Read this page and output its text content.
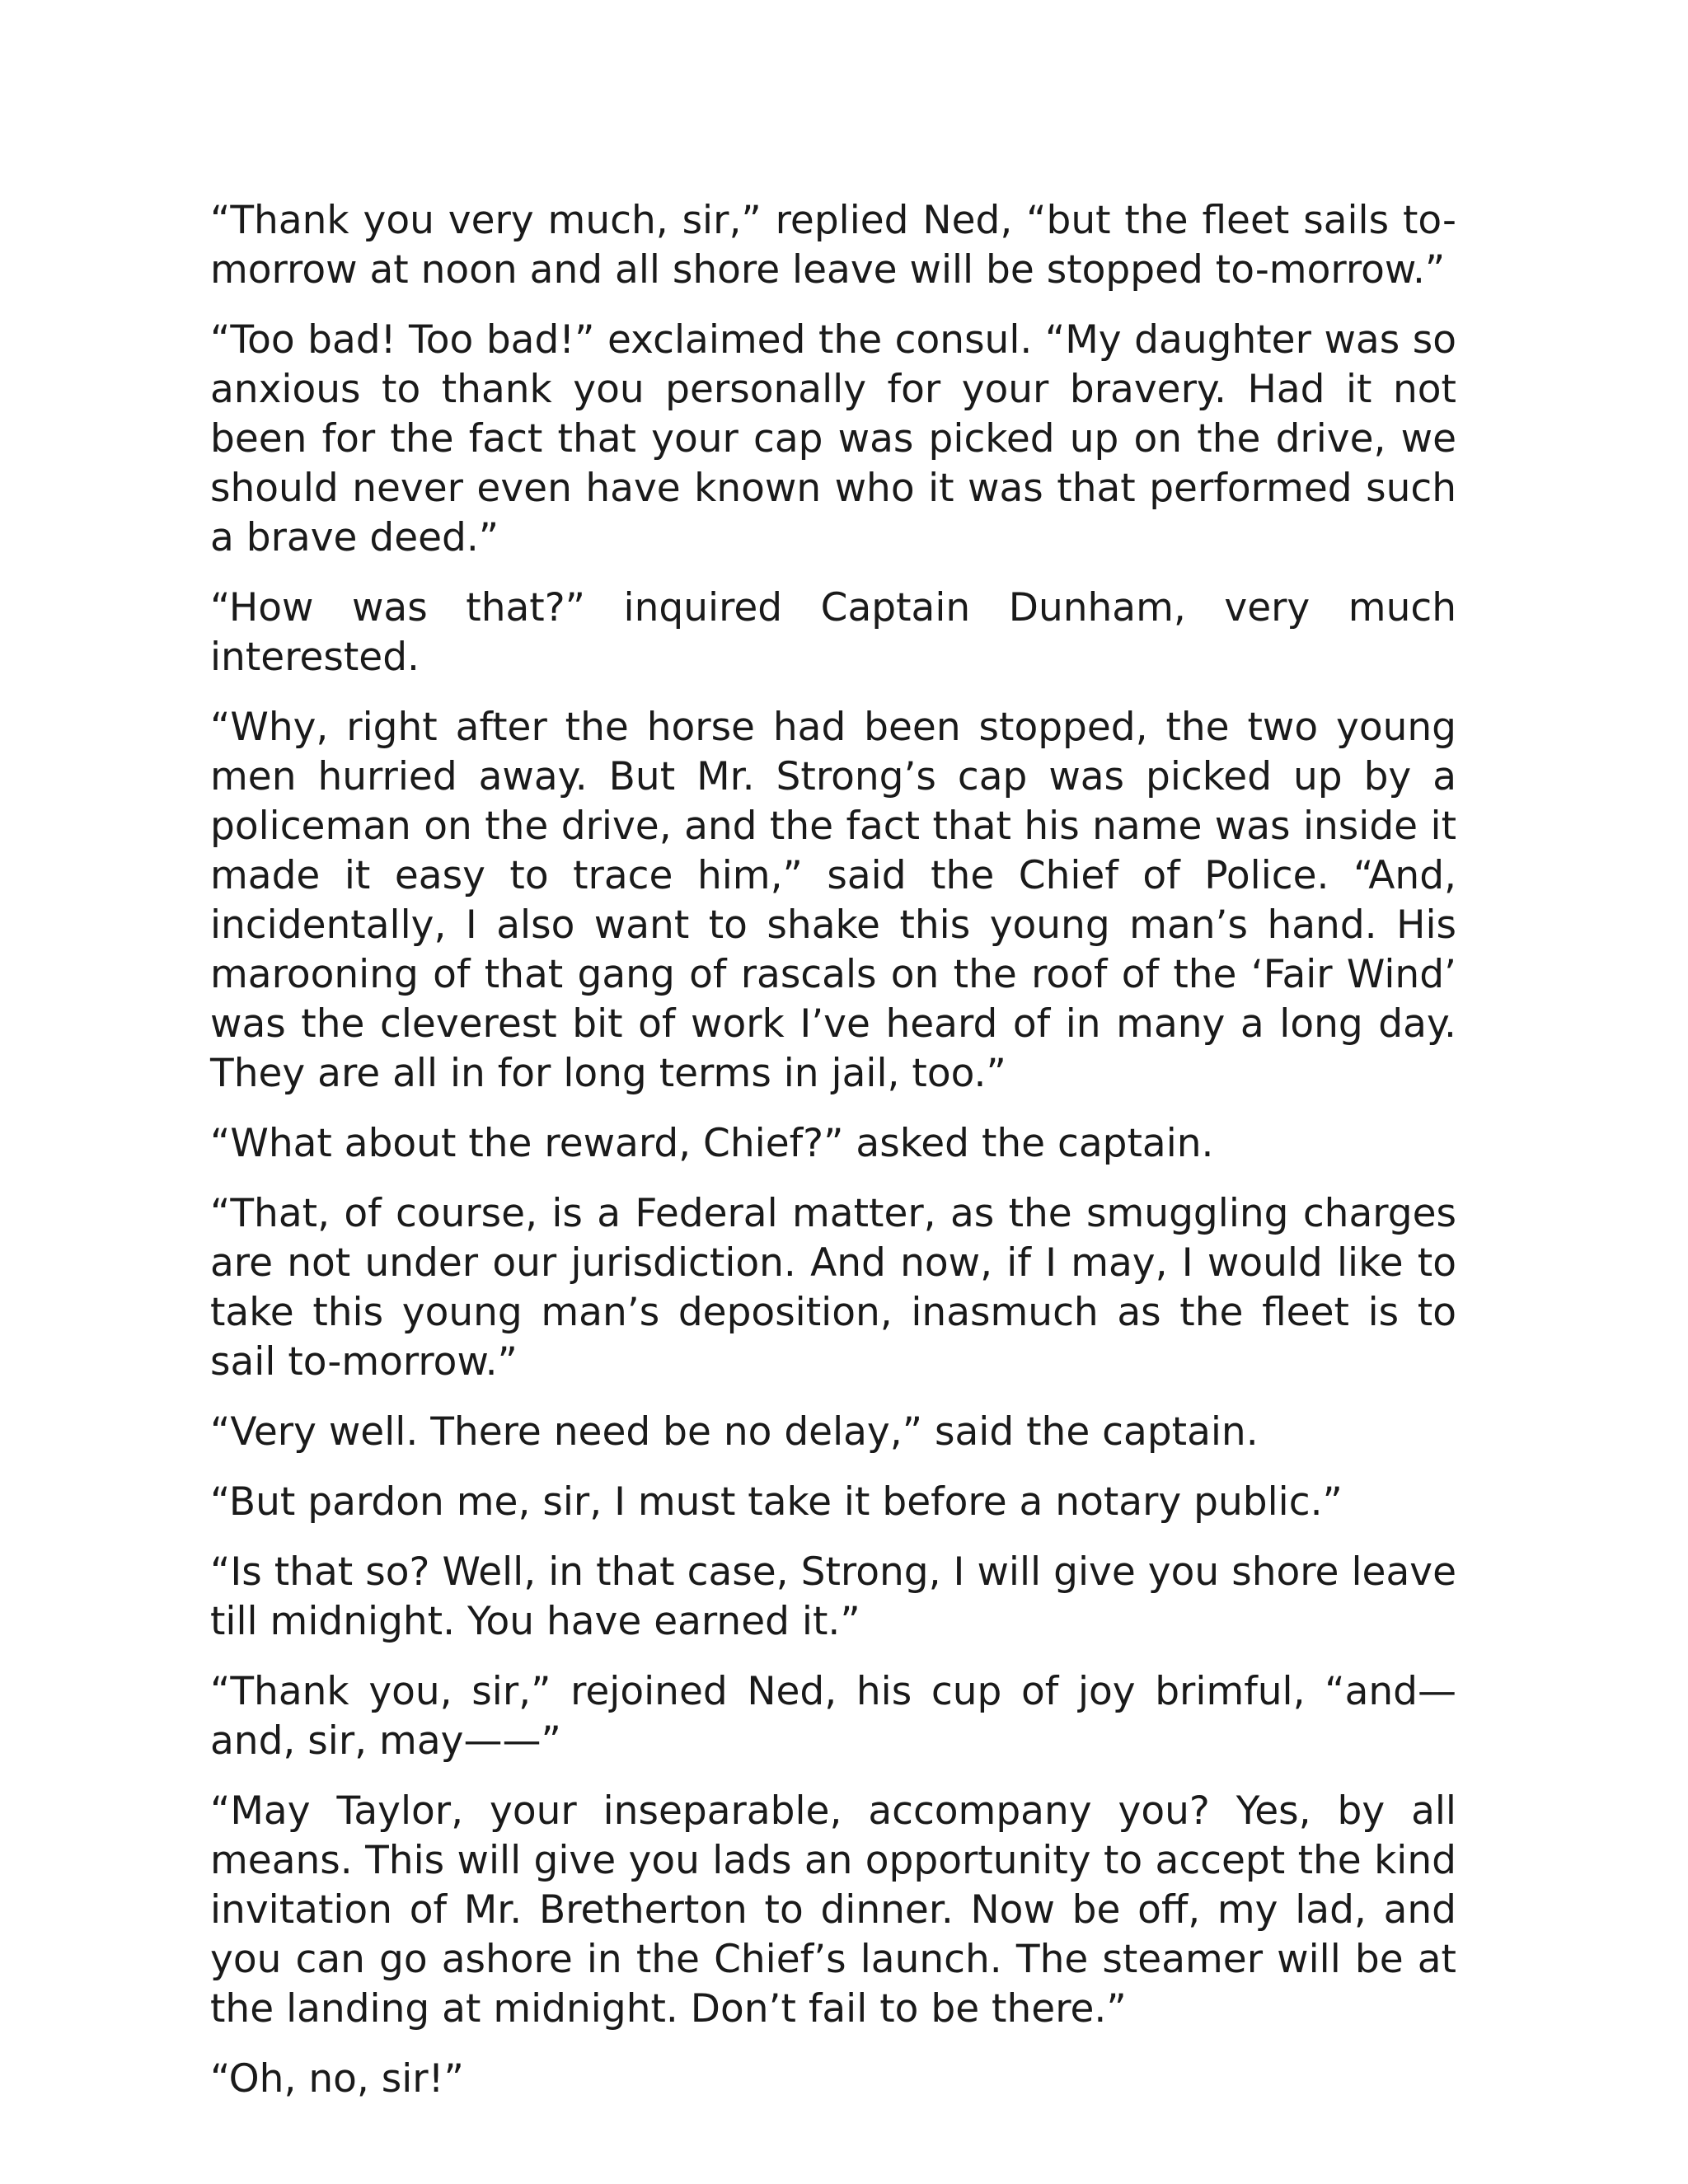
“Thank you very much, sir,” replied Ned, “but the fleet sails to-morrow at noon and all shore leave will be stopped to-morrow.”

“Too bad! Too bad!” exclaimed the consul. “My daughter was so anxious to thank you personally for your bravery. Had it not been for the fact that your cap was picked up on the drive, we should never even have known who it was that performed such a brave deed.”

“How was that?” inquired Captain Dunham, very much interested.

“Why, right after the horse had been stopped, the two young men hurried away. But Mr. Strong’s cap was picked up by a policeman on the drive, and the fact that his name was inside it made it easy to trace him,” said the Chief of Police. “And, incidentally, I also want to shake this young man’s hand. His marooning of that gang of rascals on the roof of the ‘Fair Wind’ was the cleverest bit of work I’ve heard of in many a long day. They are all in for long terms in jail, too.”

“What about the reward, Chief?” asked the captain.

“That, of course, is a Federal matter, as the smuggling charges are not under our jurisdiction. And now, if I may, I would like to take this young man’s deposition, inasmuch as the fleet is to sail to-morrow.”

“Very well. There need be no delay,” said the captain.

“But pardon me, sir, I must take it before a notary public.”

“Is that so? Well, in that case, Strong, I will give you shore leave till midnight. You have earned it.”

“Thank you, sir,” rejoined Ned, his cup of joy brimful, “and—and, sir, may——”

“May Taylor, your inseparable, accompany you? Yes, by all means. This will give you lads an opportunity to accept the kind invitation of Mr. Bretherton to dinner. Now be off, my lad, and you can go ashore in the Chief’s launch. The steamer will be at the landing at midnight. Don’t fail to be there.”

“Oh, no, sir!”
